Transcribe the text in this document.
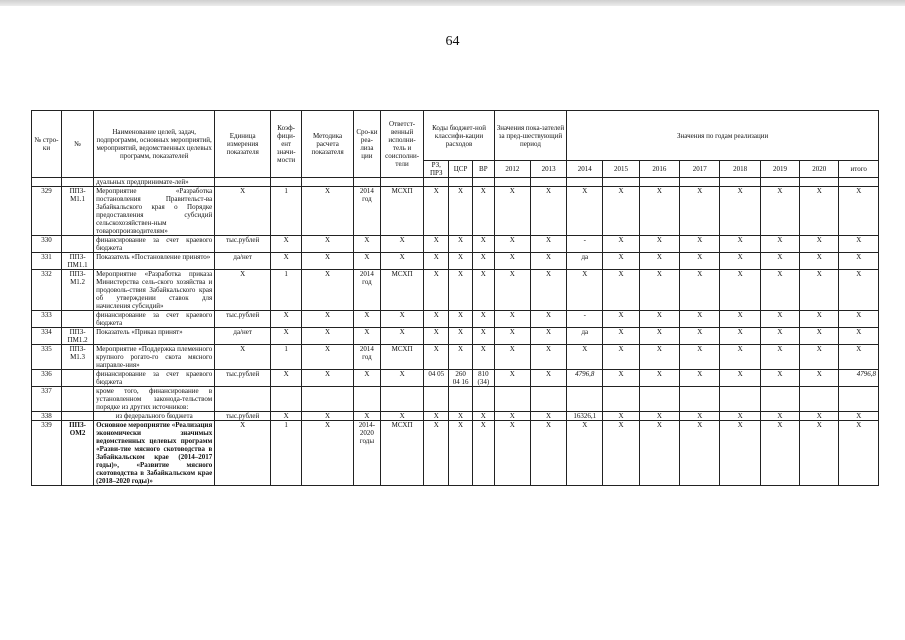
64
№ стро-ки	№	Наименование целей, задач, подпрограмм, основных мероприятий, мероприятий, ведомственных целевых программ, показателей	Единица измерения показателя	Коэф-фици-ент значи-мости	Методика расчета показателя	Сро-ки реа-лиза ции	Ответст-венный исполни-тель и соисполни-тели	Коды бюджет-ной классифи-кации расходов			Значения пока-зателей за пред-шествующий период		Значения по годам реализации							
								РЗ, ПРЗ	ЦСР	ВР	2012	2013	2014	2015	2016	2017	2018	2019	2020	итого
		дуальных предпринимате-лей»																		
329	ППЗ-М1.1	Мероприятие «Разработка постановления Правительст-ва Забайкальского края о Порядке предоставления субсидий сельскохозяйствен-ным товаропроизводителям»	Х	1	Х	2014 год	МСХП	Х	Х	Х	Х	Х	Х	Х	Х	Х	Х	Х	Х	Х
330		финансирование за счет краевого бюджета	тыс.рублей	Х	Х	Х	Х	Х	Х	Х	Х	Х	-	Х	Х	Х	Х	Х	Х	Х
331	ППЗ-ПМ1.1	Показатель «Постановление принято»	да/нет	Х	Х	Х	Х	Х	Х	Х	Х	Х	да	Х	Х	Х	Х	Х	Х	Х
332	ППЗ-М1.2	Мероприятие «Разработка приказа Министерства сель-ского хозяйства и продоволь-ствия Забайкальского края об утверждении ставок для начисления субсидий»	Х	1	Х	2014 год	МСХП	Х	Х	Х	Х	Х	Х	Х	Х	Х	Х	Х	Х	Х
333		финансирование за счет краевого бюджета	тыс.рублей	Х	Х	Х	Х	Х	Х	Х	Х	Х	-	Х	Х	Х	Х	Х	Х	Х
334	ППЗ-ПМ1.2	Показатель «Приказ принят»	да/нет	Х	Х	Х	Х	Х	Х	Х	Х	Х	да	Х	Х	Х	Х	Х	Х	Х
335	ППЗ-М1.3	Мероприятие «Поддержка племенного крупного рогато-го скота мясного направле-ния»	Х	1	Х	2014 год	МСХП	Х	Х	Х	Х	Х	Х	Х	Х	Х	Х	Х	Х	Х
336		финансирование за счет краевого бюджета	тыс.рублей	Х	Х	Х	Х	04 05	260 04 16	810 (34)	Х	Х	4796,8	Х	Х	Х	Х	Х	Х	4796,8
337		кроме того, финансирование в установленном законода-тельством порядке из других источников:																		
338		из федерального бюджета	тыс.рублей	Х	Х	Х	Х	Х	Х	Х	Х	Х	16326,1	Х	Х	Х	Х	Х	Х	Х
339	ППЗ-ОМ2	Основное мероприятие «Реализация экономически значимых ведомственных целевых программ «Разви-тие мясного скотоводства в Забайкальском крае (2014–2017 годы)», «Развитие мясного скотоводства в Забайкальском крае (2018–2020 годы)»	Х	1	Х	2014-2020 годы	МСХП	Х	Х	Х	Х	Х	Х	Х	Х	Х	Х	Х	Х	Х
